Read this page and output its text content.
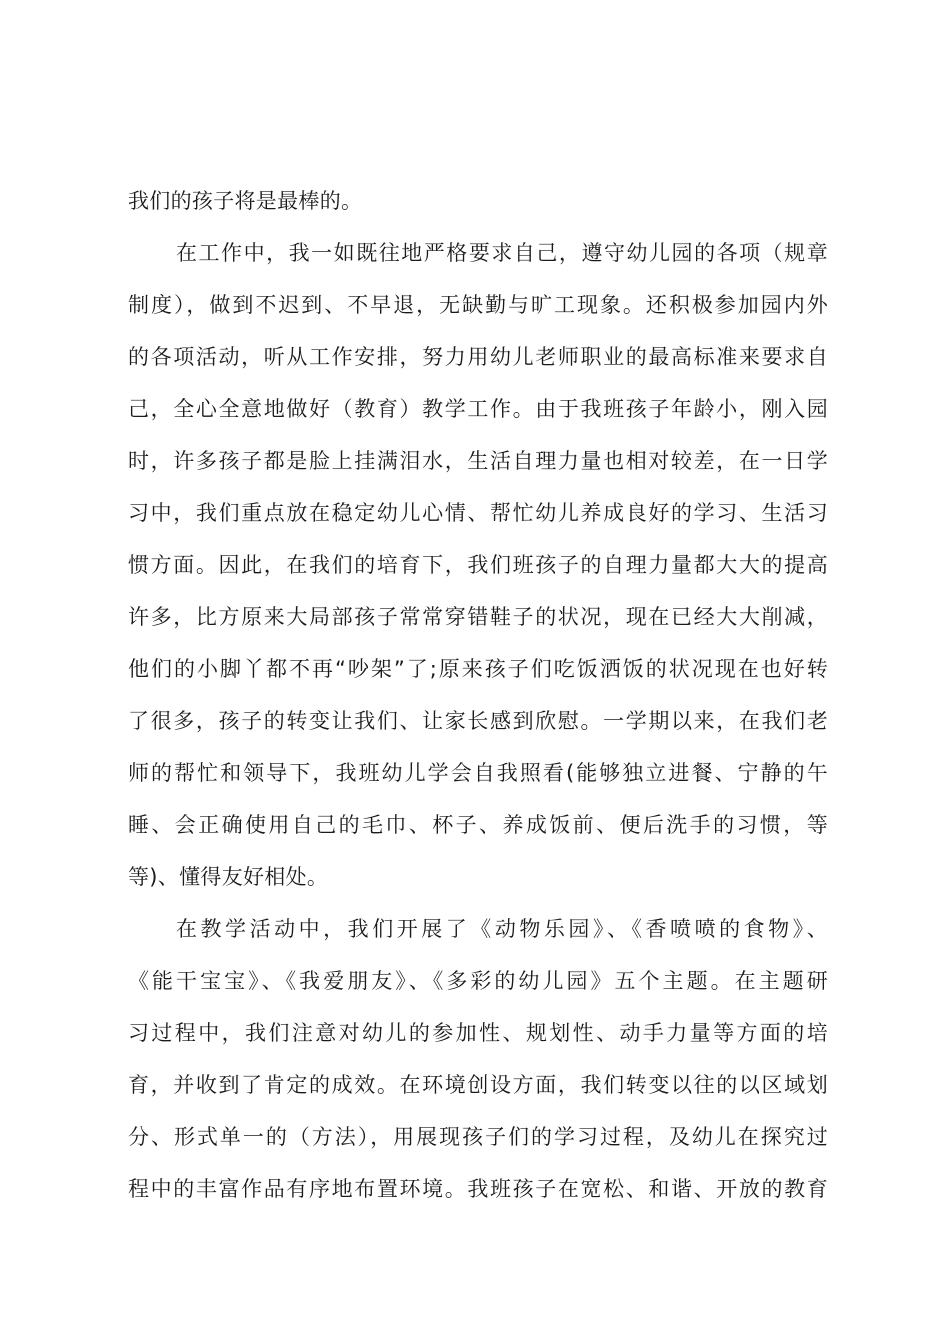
我们的孩子将是最棒的。
在工作中，我一如既往地严格要求自己，遵守幼儿园的各项（规章
制度），做到不迟到、不早退，无缺勤与旷工现象。还积极参加园内外
的各项活动，听从工作安排，努力用幼儿老师职业的最高标准来要求自
己，全心全意地做好（教育）教学工作。由于我班孩子年龄小，刚入园
时，许多孩子都是脸上挂满泪水，生活自理力量也相对较差，在一日学
习中，我们重点放在稳定幼儿心情、帮忙幼儿养成良好的学习、生活习
惯方面。因此，在我们的培育下，我们班孩子的自理力量都大大的提高
许多，比方原来大局部孩子常常穿错鞋子的状况，现在已经大大削减，
他们的小脚丫都不再“吵架”了;原来孩子们吃饭洒饭的状况现在也好转
了很多，孩子的转变让我们、让家长感到欣慰。一学期以来，在我们老
师的帮忙和领导下，我班幼儿学会自我照看(能够独立进餐、宁静的午
睡、会正确使用自己的毛巾、杯子、养成饭前、便后洗手的习惯，等
等)、懂得友好相处。
在教学活动中，我们开展了《动物乐园》、《香喷喷的食物》、
《能干宝宝》、《我爱朋友》、《多彩的幼儿园》五个主题。在主题研
习过程中，我们注意对幼儿的参加性、规划性、动手力量等方面的培
育，并收到了肯定的成效。在环境创设方面，我们转变以往的以区域划
分、形式单一的（方法），用展现孩子们的学习过程，及幼儿在探究过
程中的丰富作品有序地布置环境。我班孩子在宽松、和谐、开放的教育
